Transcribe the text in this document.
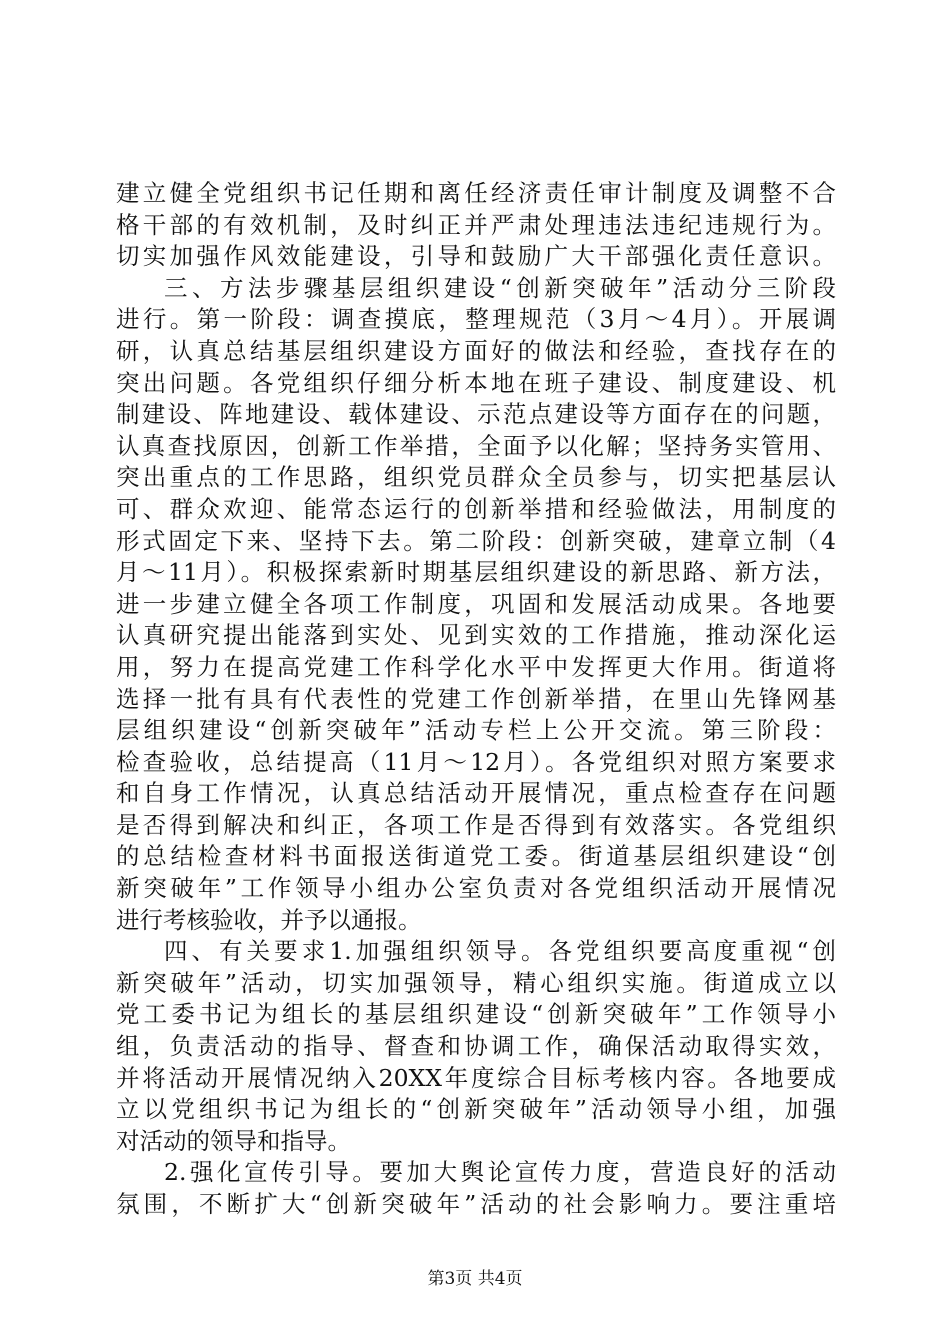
建立健全党组织书记任期和离任经济责任审计制度及调整不合
格干部的有效机制，及时纠正并严肃处理违法违纪违规行为。
切实加强作风效能建设，引导和鼓励广大干部强化责任意识。
三、方法步骤基层组织建设“创新突破年”活动分三阶段
进行。第一阶段：调查摸底，整理规范（3月～4月）。开展调
研，认真总结基层组织建设方面好的做法和经验，查找存在的
突出问题。各党组织仔细分析本地在班子建设、制度建设、机
制建设、阵地建设、载体建设、示范点建设等方面存在的问题，
认真查找原因，创新工作举措，全面予以化解；坚持务实管用、
突出重点的工作思路，组织党员群众全员参与，切实把基层认
可、群众欢迎、能常态运行的创新举措和经验做法，用制度的
形式固定下来、坚持下去。第二阶段：创新突破，建章立制（4
月～11月）。积极探索新时期基层组织建设的新思路、新方法，
进一步建立健全各项工作制度，巩固和发展活动成果。各地要
认真研究提出能落到实处、见到实效的工作措施，推动深化运
用，努力在提高党建工作科学化水平中发挥更大作用。街道将
选择一批有具有代表性的党建工作创新举措，在里山先锋网基
层组织建设“创新突破年”活动专栏上公开交流。第三阶段：
检查验收，总结提高（11月～12月）。各党组织对照方案要求
和自身工作情况，认真总结活动开展情况，重点检查存在问题
是否得到解决和纠正，各项工作是否得到有效落实。各党组织
的总结检查材料书面报送街道党工委。街道基层组织建设“创
新突破年”工作领导小组办公室负责对各党组织活动开展情况
进行考核验收，并予以通报。
四、有关要求1.加强组织领导。各党组织要高度重视“创
新突破年”活动，切实加强领导，精心组织实施。街道成立以
党工委书记为组长的基层组织建设“创新突破年”工作领导小
组，负责活动的指导、督查和协调工作，确保活动取得实效，
并将活动开展情况纳入20XX年度综合目标考核内容。各地要成
立以党组织书记为组长的“创新突破年”活动领导小组，加强
对活动的领导和指导。
2.强化宣传引导。要加大舆论宣传力度，营造良好的活动
氛围，不断扩大“创新突破年”活动的社会影响力。要注重培
第3页 共4页
